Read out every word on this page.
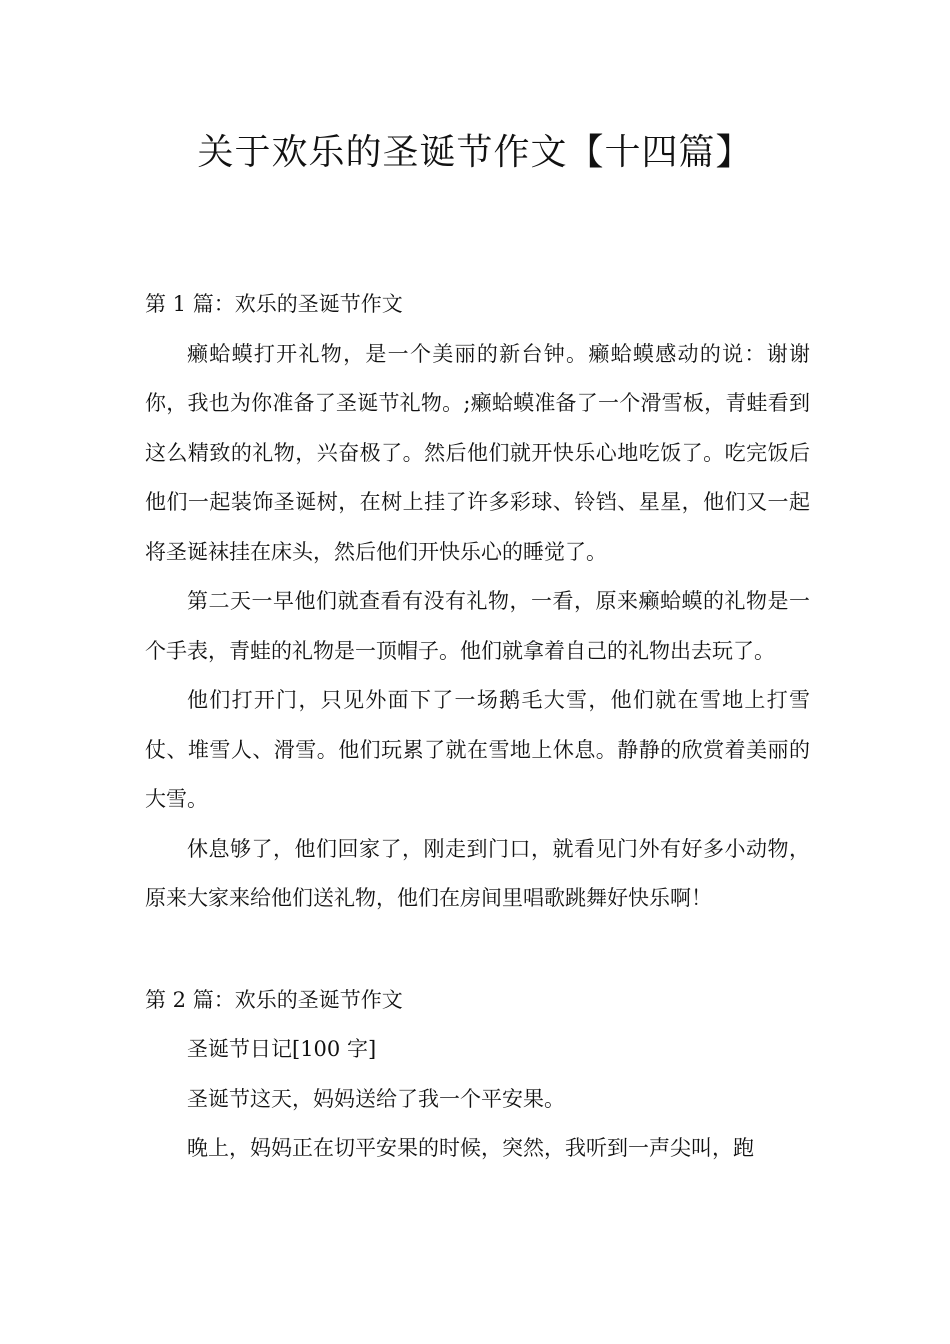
关于欢乐的圣诞节作文【十四篇】
第 1 篇：欢乐的圣诞节作文

癞蛤蟆打开礼物，是一个美丽的新台钟。癞蛤蟆感动的说：谢谢你，我也为你准备了圣诞节礼物。;癞蛤蟆准备了一个滑雪板，青蛙看到这么精致的礼物，兴奋极了。然后他们就开快乐心地吃饭了。吃完饭后他们一起装饰圣诞树，在树上挂了许多彩球、铃铛、星星，他们又一起将圣诞袜挂在床头，然后他们开快乐心的睡觉了。

第二天一早他们就查看有没有礼物，一看，原来癞蛤蟆的礼物是一个手表，青蛙的礼物是一顶帽子。他们就拿着自己的礼物出去玩了。

他们打开门，只见外面下了一场鹅毛大雪，他们就在雪地上打雪仗、堆雪人、滑雪。他们玩累了就在雪地上休息。静静的欣赏着美丽的大雪。

休息够了，他们回家了，刚走到门口，就看见门外有好多小动物，原来大家来给他们送礼物，他们在房间里唱歌跳舞好快乐啊！

第 2 篇：欢乐的圣诞节作文

圣诞节日记[100 字]

圣诞节这天，妈妈送给了我一个平安果。

晚上，妈妈正在切平安果的时候，突然，我听到一声尖叫，跑
